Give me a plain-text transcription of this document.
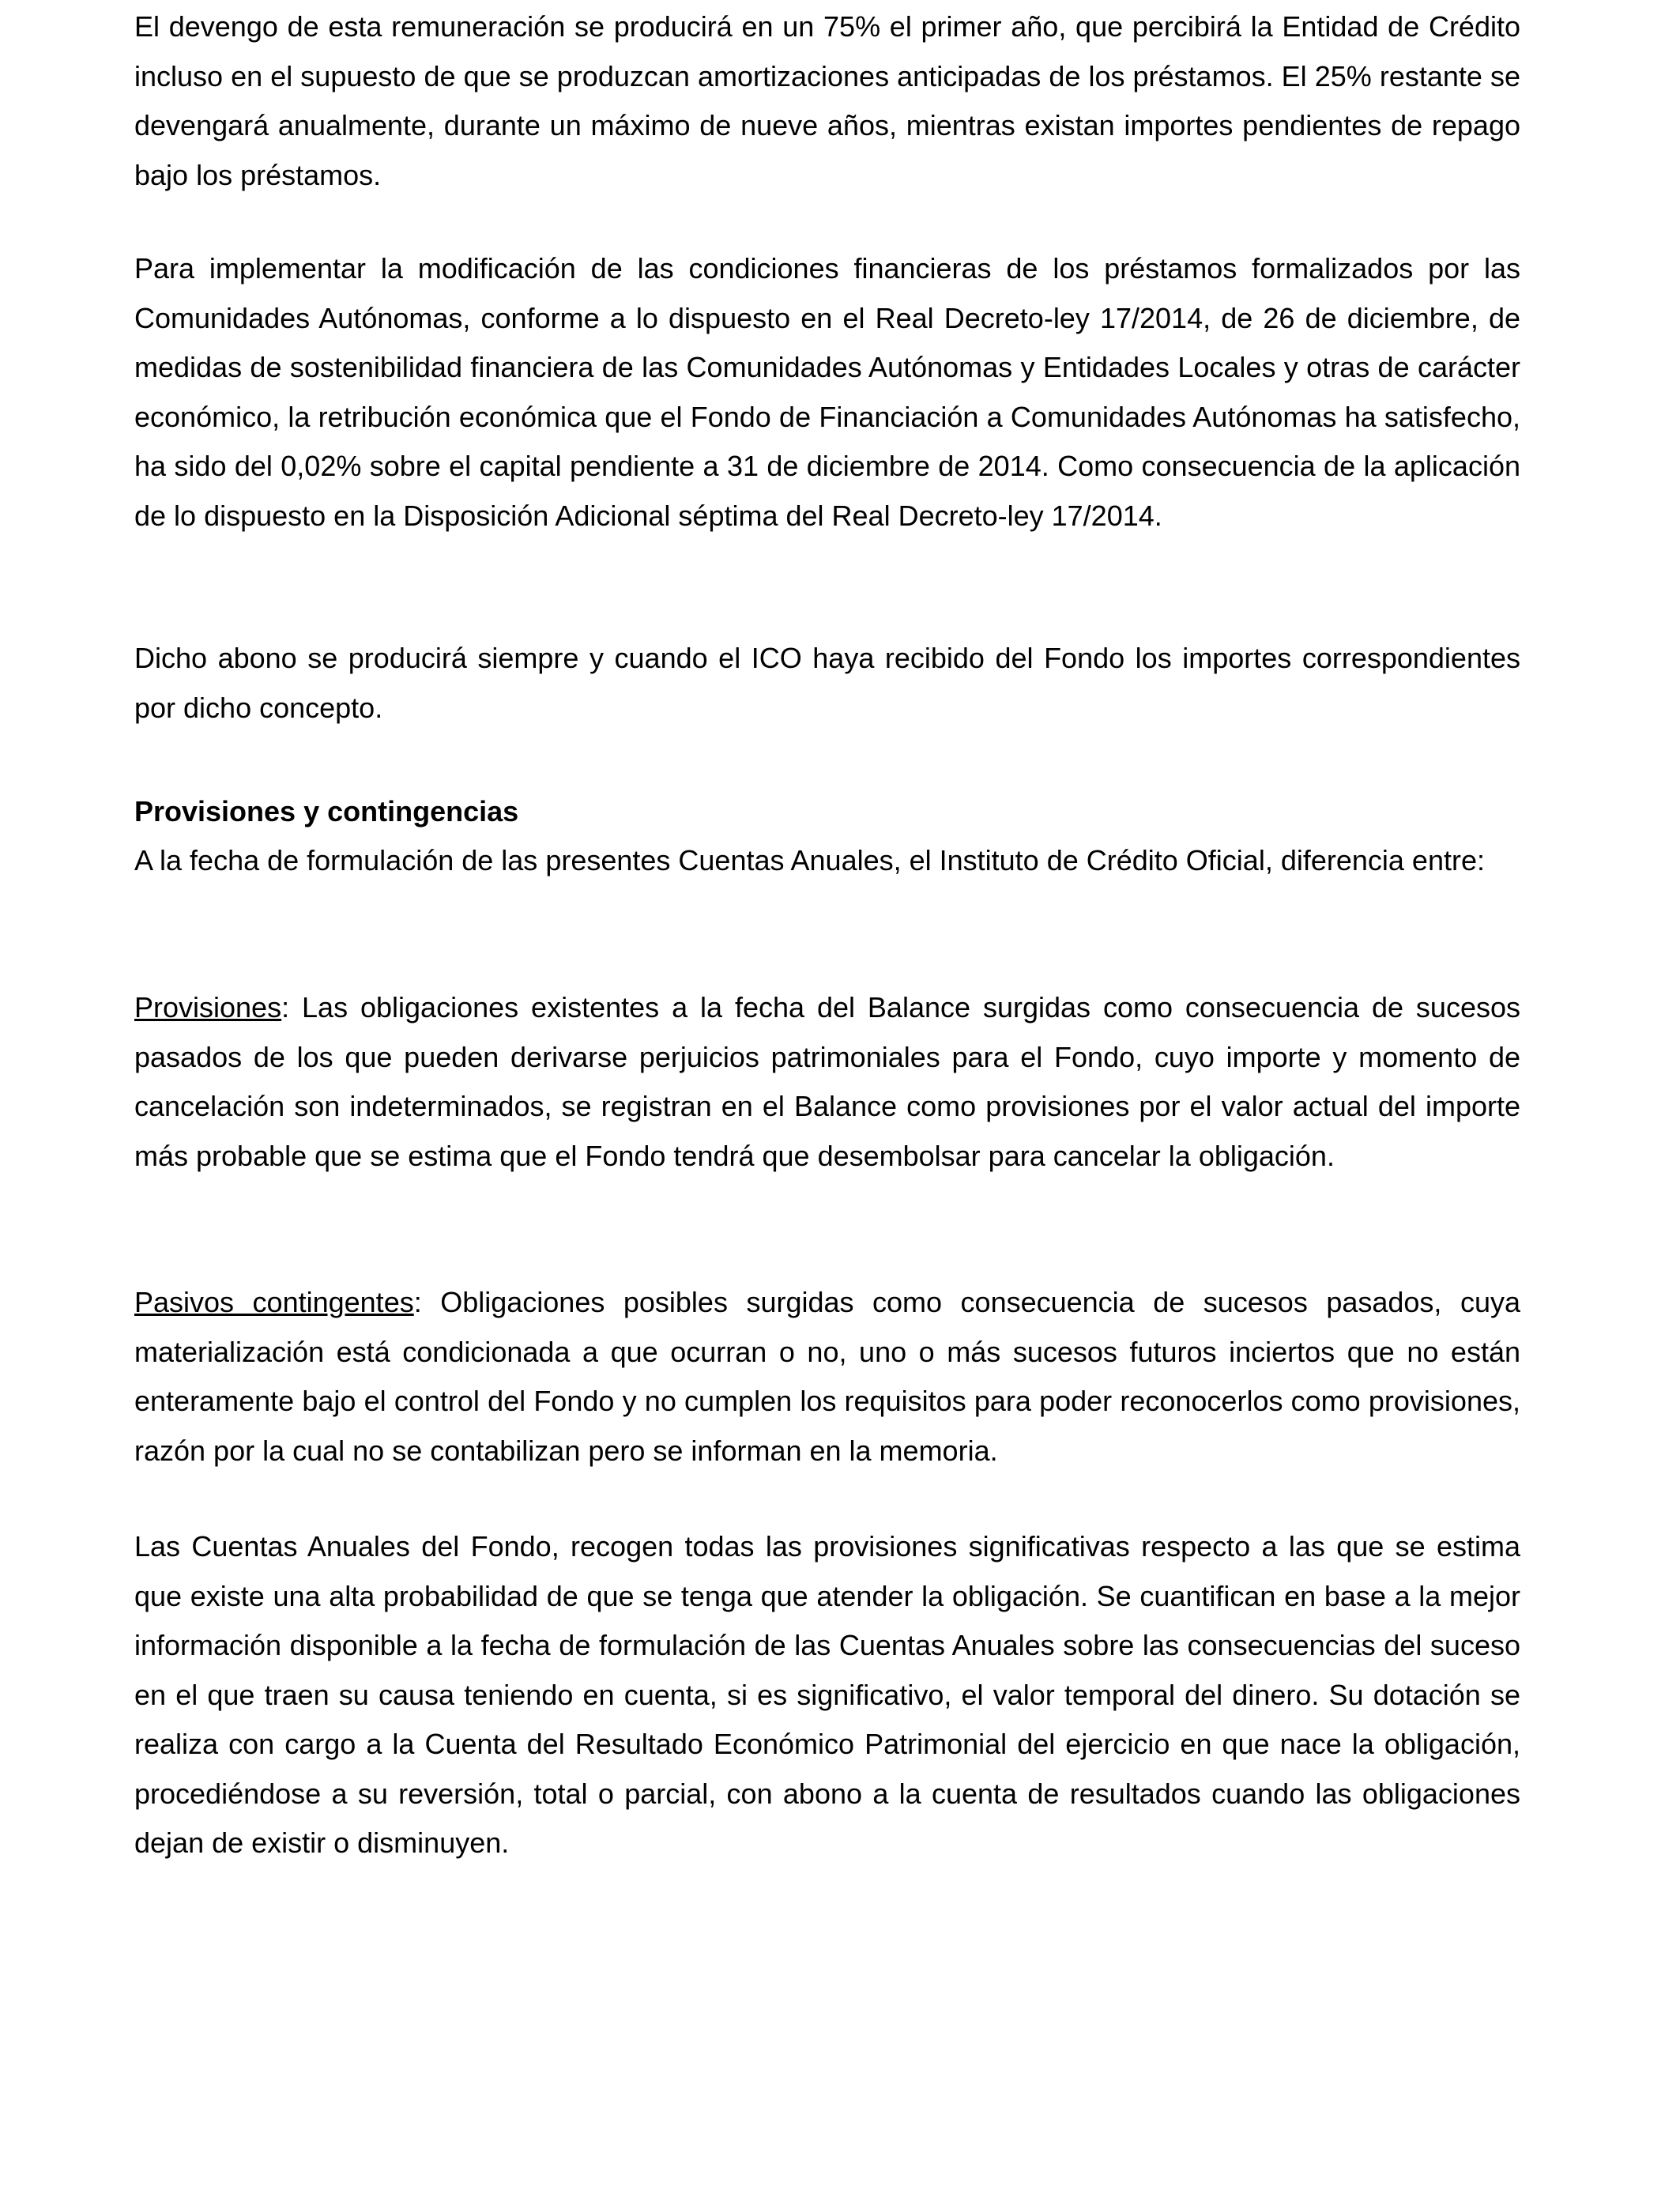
El devengo de esta remuneración se producirá en un 75% el primer año, que percibirá la Entidad de Crédito incluso en el supuesto de que se produzcan amortizaciones anticipadas de los préstamos. El 25% restante se devengará anualmente, durante un máximo de nueve años, mientras existan importes pendientes de repago bajo los préstamos.

Para implementar la modificación de las condiciones financieras de los préstamos formalizados por las Comunidades Autónomas, conforme a lo dispuesto en el Real Decreto-ley 17/2014, de 26 de diciembre, de medidas de sostenibilidad financiera de las Comunidades Autónomas y Entidades Locales y otras de carácter económico, la retribución económica que el Fondo de Financiación a Comunidades Autónomas ha satisfecho, ha sido del 0,02% sobre el capital pendiente a 31 de diciembre de 2014. Como consecuencia de la aplicación de lo dispuesto en la Disposición Adicional séptima del Real Decreto-ley 17/2014.

Dicho abono se producirá siempre y cuando el ICO haya recibido del Fondo los importes correspondientes por dicho concepto.

Provisiones y contingencias

A la fecha de formulación de las presentes Cuentas Anuales, el Instituto de Crédito Oficial, diferencia entre:

Provisiones: Las obligaciones existentes a la fecha del Balance surgidas como consecuencia de sucesos pasados de los que pueden derivarse perjuicios patrimoniales para el Fondo, cuyo importe y momento de cancelación son indeterminados, se registran en el Balance como provisiones por el valor actual del importe más probable que se estima que el Fondo tendrá que desembolsar para cancelar la obligación.

Pasivos contingentes: Obligaciones posibles surgidas como consecuencia de sucesos pasados, cuya materialización está condicionada a que ocurran o no, uno o más sucesos futuros inciertos que no están enteramente bajo el control del Fondo y no cumplen los requisitos para poder reconocerlos como provisiones, razón por la cual no se contabilizan pero se informan en la memoria.

Las Cuentas Anuales del Fondo, recogen todas las provisiones significativas respecto a las que se estima que existe una alta probabilidad de que se tenga que atender la obligación. Se cuantifican en base a la mejor información disponible a la fecha de formulación de las Cuentas Anuales sobre las consecuencias del suceso en el que traen su causa teniendo en cuenta, si es significativo, el valor temporal del dinero. Su dotación se realiza con cargo a la Cuenta del Resultado Económico Patrimonial del ejercicio en que nace la obligación, procediéndose a su reversión, total o parcial, con abono a la cuenta de resultados cuando las obligaciones dejan de existir o disminuyen.
